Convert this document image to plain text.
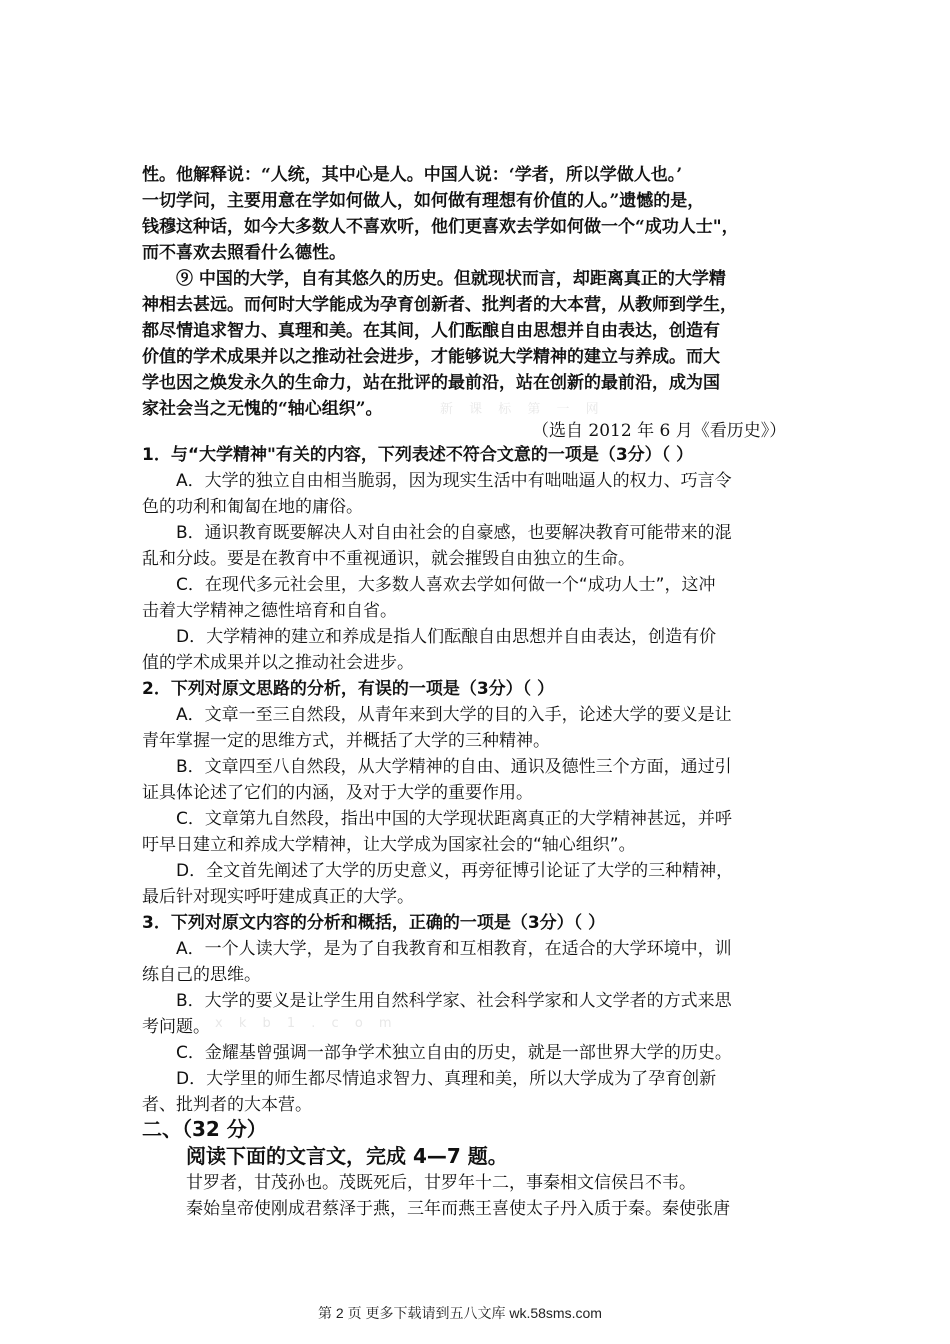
性。他解释说：“人统，其中心是人。中国人说：‘学者，所以学做人也。’
一切学问，主要用意在学如何做人，如何做有理想有价值的人。”遗憾的是，
钱穆这种话，如今大多数人不喜欢听，他们更喜欢去学如何做一个“成功人士"，
而不喜欢去照看什么德性。
⑨ 中国的大学，自有其悠久的历史。但就现状而言，却距离真正的大学精
神相去甚远。而何时大学能成为孕育创新者、批判者的大本营，从教师到学生，
都尽情追求智力、真理和美。在其间，人们酝酿自由思想并自由表达，创造有
价值的学术成果并以之推动社会进步，才能够说大学精神的建立与养成。而大
学也因之焕发永久的生命力，站在批评的最前沿，站在创新的最前沿，成为国
家社会当之无愧的“轴心组织”。	新 课 标 第 一 网
（选自 2012 年 6 月《看历史》）
1．与“大学精神"有关的内容，下列表述不符合文意的一项是（3分）（ ）
A．大学的独立自由相当脆弱，因为现实生活中有咄咄逼人的权力、巧言令
色的功利和匍匐在地的庸俗。
B．通识教育既要解决人对自由社会的自豪感，也要解决教育可能带来的混
乱和分歧。要是在教育中不重视通识，就会摧毁自由独立的生命。
C．在现代多元社会里，大多数人喜欢去学如何做一个“成功人士”，这冲
击着大学精神之德性培育和自省。
D．大学精神的建立和养成是指人们酝酿自由思想并自由表达，创造有价
值的学术成果并以之推动社会进步。
2．下列对原文思路的分析，有误的一项是（3分）（ ）
A．文章一至三自然段，从青年来到大学的目的入手，论述大学的要义是让
青年掌握一定的思维方式，并概括了大学的三种精神。
B．文章四至八自然段，从大学精神的自由、通识及德性三个方面，通过引
证具体论述了它们的内涵，及对于大学的重要作用。
C．文章第九自然段，指出中国的大学现状距离真正的大学精神甚远，并呼
吁早日建立和养成大学精神，让大学成为国家社会的“轴心组织”。
D．全文首先阐述了大学的历史意义，再旁征博引论证了大学的三种精神，
最后针对现实呼吁建成真正的大学。
3．下列对原文内容的分析和概括，正确的一项是（3分）（ ）
A．一个人读大学，是为了自我教育和互相教育，在适合的大学环境中，训
练自己的思维。
B．大学的要义是让学生用自然科学家、社会科学家和人文学者的方式来思
考问题。 x k b 1 . c o m
C．金耀基曾强调一部争学术独立自由的历史，就是一部世界大学的历史。
D．大学里的师生都尽情追求智力、真理和美，所以大学成为了孕育创新
者、批判者的大本营。
二、（32 分）
阅读下面的文言文，完成 4—7 题。
甘罗者，甘茂孙也。茂既死后，甘罗年十二，事秦相文信侯吕不韦。
秦始皇帝使刚成君蔡泽于燕，三年而燕王喜使太子丹入质于秦。秦使张唐
第 2 页 更多下载请到五八文库 wk.58sms.com
